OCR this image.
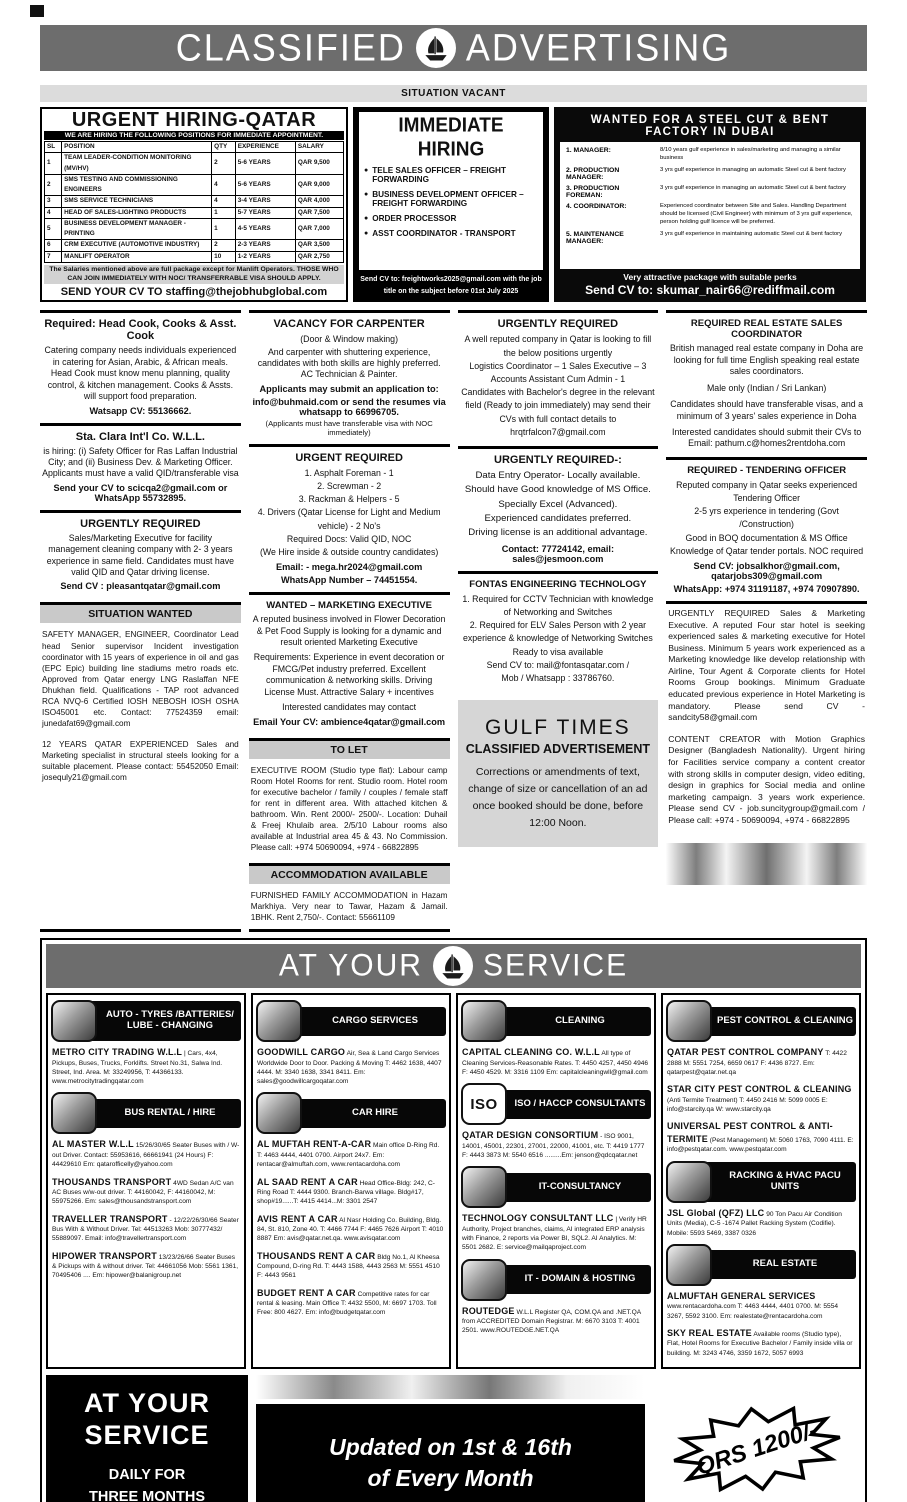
CLASSIFIED ADVERTISING
SITUATION VACANT
URGENT HIRING-QATAR
WE ARE HIRING THE FOLLOWING POSITIONS FOR IMMEDIATE APPOINTMENT.
SL	POSITION	QTY	EXPERIENCE	SALARY
1	TEAM LEADER-CONDITION MONITORING (MV/HV)	2	5-6 YEARS	QAR 9,500
2	SMS TESTING AND COMMISSIONING ENGINEERS	4	5-6 YEARS	QAR 9,000
3	SMS SERVICE TECHNICIANS	4	3-4 YEARS	QAR 4,000
4	HEAD OF SALES-LIGHTING PRODUCTS	1	5-7 YEARS	QAR 7,500
5	BUSINESS DEVELOPMENT MANAGER -PRINTING	1	4-5 YEARS	QAR 7,000
6	CRM EXECUTIVE (AUTOMOTIVE INDUSTRY)	2	2-3 YEARS	QAR 3,500
7	MANLIFT OPERATOR	10	1-2 YEARS	QAR 2,750
The Salaries mentioned above are full package except for Manlift Operators. THOSE WHO CAN JOIN IMMEDIATELY WITH NOC/ TRANSFERRABLE VISA SHOULD APPLY.
SEND YOUR CV TO staffing@thejobhubglobal.com
IMMEDIATE HIRING
● TELE SALES OFFICER – FREIGHT FORWARDING
● BUSINESS DEVELOPMENT OFFICER – FREIGHT FORWARDING
● ORDER PROCESSOR
● ASST COORDINATOR - TRANSPORT
Send CV to: freightworks2025@gmail.com with the job
title on the subject before 01st July 2025
WANTED FOR A STEEL CUT & BENT FACTORY IN DUBAI
1. MANAGER:	8/10 years gulf experience in sales/marketing and managing a similar business
2. PRODUCTION MANAGER:
3 yrs gulf experience in managing an automatic Steel cut & bent factory
3. PRODUCTION FOREMAN:
3 yrs gulf experience in managing an automatic Steel cut & bent factory
4. COORDINATOR:	Experienced coordinator between Site and Sales. Handling Department should be licensed (Civil Engineer) with minimum of 3 yrs gulf experience, person holding gulf licence will be preferred.
5. MAINTENANCE MANAGER:
3 yrs gulf experience in maintaining automatic Steel cut & bent factory
Very attractive package with suitable perks
Send CV to: skumar_nair66@rediffmail.com
Required: Head Cook, Cooks & Asst. Cook
Catering company needs individuals experienced in catering for Asian, Arabic, & African meals. Head Cook must know menu planning, quality control, & kitchen management. Cooks & Assts. will support food preparation.
Watsapp CV: 55136662.
Sta. Clara Int'l Co. W.L.L.
is hiring: (i) Safety Officer for Ras Laffan Industrial City; and (ii) Business Dev. & Marketing Officer. Applicants must have a valid QID/transferable visa
Send your CV to scicqa2@gmail.com or WhatsApp 55732895.
URGENTLY REQUIRED
Sales/Marketing Executive for facility management cleaning company with 2- 3 years experience in same field. Candidates must have valid QID and Qatar driving license.
Send CV : pleasantqatar@gmail.com
SITUATION WANTED
SAFETY MANAGER, ENGINEER, Coordinator Lead head Senior supervisor Incident investigation coordinator with 15 years of experience in oil and gas (EPC Epic) building line stadiums metro roads etc. Approved from Qatar energy LNG Raslaffan NFE Dhukhan field. Qualifications - TAP root advanced RCA NVQ-6 Certified IOSH NEBOSH IOSH OSHA ISO45001 etc. Contact: 77524359 email: junedafat69@gmail.com
12 YEARS QATAR EXPERIENCED Sales and Marketing specialist in structural steels looking for a suitable placement. Please contact: 55452050 Email: josequly21@gmail.com
VACANCY FOR CARPENTER
(Door & Window making)
And carpenter with shuttering experience, candidates with both skills are highly preferred. AC Technician & Painter.
Applicants may submit an application to:
info@buhmaid.com or send the resumes via whatsapp to 66996705.
(Applicants must have transferable visa with NOC immediately)
URGENT REQUIRED
1. Asphalt Foreman - 1
2. Screwman - 2
3. Rackman & Helpers - 5
4. Drivers (Qatar License for Light and Medium vehicle) - 2 No's
Required Docs: Valid QID, NOC
(We Hire inside & outside country candidates)
Email: - mega.hr2024@gmail.com
WhatsApp Number – 74451554.
WANTED – MARKETING EXECUTIVE
A reputed business involved in Flower Decoration & Pet Food Supply is looking for a dynamic and result oriented Marketing Executive
Requirements: Experience in event decoration or FMCG/Pet industry preferred. Excellent communication & networking skills. Driving License Must. Attractive Salary + incentives
Interested candidates may contact
Email Your CV: ambience4qatar@gmail.com
TO LET
EXECUTIVE ROOM (Studio type flat): Labour camp Room Hotel Rooms for rent. Studio room. Hotel room for executive bachelor / family / couples / female staff for rent in different area. With attached kitchen & bathroom. Win. Rent 2000/- 2500/-. Location: Duhail & Freej Khulaib area. 2/5/10 Labour rooms also available at Industrial area 45 & 43. No Commission. Please call: +974 50690094, +974 - 66822895
ACCOMMODATION AVAILABLE
FURNISHED FAMILY ACCOMMODATION in Hazam Markhiya. Very near to Tawar, Hazam & Jamail. 1BHK. Rent 2,750/-. Contact: 55661109
URGENTLY REQUIRED
A well reputed company in Qatar is looking to fill the below positions urgently
Logistics Coordinator – 1 Sales Executive – 3
Accounts Assistant Cum Admin - 1
Candidates with Bachelor's degree in the relevant field (Ready to join immediately) may send their CVs with full contact details to hrqtrfalcon7@gmail.com
URGENTLY REQUIRED-:
Data Entry Operator- Locally available.
Should have Good knowledge of MS Office.
Specially Excel (Advanced).
Experienced candidates preferred.
Driving license is an additional advantage.
Contact: 77724142, email: sales@jesmoon.com
FONTAS ENGINEERING TECHNOLOGY
1. Required for CCTV Technician with knowledge of Networking and Switches
2. Required for ELV Sales Person with 2 year experience & knowledge of Networking Switches
Ready to visa available
Send CV to: mail@fontasqatar.com /
Mob / Whatsapp : 33786760.
GULF TIMES
CLASSIFIED ADVERTISEMENT
Corrections or amendments of text, change of size or cancellation of an ad once booked should be done, before 12:00 Noon.
REQUIRED REAL ESTATE SALES COORDINATOR
British managed real estate company in Doha are looking for full time English speaking real estate sales coordinators.
Male only (Indian / Sri Lankan)
Candidates should have transferable visas, and a minimum of 3 years' sales experience in Doha
Interested candidates should submit their CVs to Email: pathum.c@homes2rentdoha.com
REQUIRED - TENDERING OFFICER
Reputed company in Qatar seeks experienced
Tendering Officer
2-5 yrs experience in tendering (Govt /Construction)
Good in BOQ documentation & MS Office
Knowledge of Qatar tender portals. NOC required
Send CV: jobsalkhor@gmail.com, qatarjobs309@gmail.com
WhatsApp: +974 31191187, +974 70907890.
URGENTLY REQUIRED Sales & Marketing Executive. A reputed Four star hotel is seeking experienced sales & marketing executive for Hotel Business. Minimum 5 years work experienced as a Marketing knowledge like develop relationship with Airline, Tour Agent & Corporate clients for Hotel Rooms Group bookings. Minimum Graduate educated previous experience in Hotel Marketing is mandatory. Please send CV - sandcity58@gmail.com
CONTENT CREATOR with Motion Graphics Designer (Bangladesh Nationality). Urgent hiring for Facilities service company a content creator with strong skills in computer design, video editing, design in graphics for Social media and online marketing campaign. 3 years work experience. Please send CV - job.suncitygroup@gmail.com / Please call: +974 - 50690094, +974 - 66822895
AT YOUR SERVICE
AUTO - TYRES /BATTERIES/ LUBE - CHANGING
METRO CITY TRADING W.L.L | Cars, 4x4, Pickups, Buses, Trucks, Forklifts. Street No.31, Salwa Ind. Street, Ind. Area. M: 33249956, T: 44366133. www.metrocitytradingqatar.com
BUS RENTAL / HIRE
AL MASTER W.L.L 15/26/30/65 Seater Buses with / W-out Driver. Contact: 55953616, 66661941 (24 Hours) F: 44429610 Em: qatarofficelly@yahoo.com
THOUSANDS TRANSPORT 4WD Sedan A/C van AC Buses w/w-out driver. T: 44160042, F: 44160042, M: 55975266. Em: sales@thousandstransport.com
TRAVELLER TRANSPORT - 12/22/26/30/66 Seater Bus With & Without Driver. Tel: 44513263 Mob: 30777432/ 55889097. Email: info@travellertransport.com
HIPOWER TRANSPORT 13/23/26/66 Seater Buses & Pickups with & without driver. Tel: 44661056 Mob: 5561 1361, 70495406 .... Em: hipower@balanigroup.net
CARGO SERVICES
GOODWILL CARGO Air, Sea & Land Cargo Services Worldwide Door to Door. Packing & Moving T: 4462 1638, 4407 4444. M: 3340 1638, 3341 8411. Em: sales@goodwillcargoqatar.com
CAR HIRE
AL MUFTAH RENT-A-CAR Main office D-Ring Rd. T: 4463 4444, 4401 0700. Airport 24x7. Em: rentacar@almuftah.com, www.rentacardoha.com
AL SAAD RENT A CAR Head Office-Bldg: 242, C-Ring Road T: 4444 9300. Branch-Barwa village. Bldg#17, shop#19......T: 4415 4414...M: 3301 2547
AVIS RENT A CAR Al Nasr Holding Co. Building, Bldg. 84, St. 810, Zone 40. T: 4466 7744 F: 4465 7626 Airport T: 4010 8887 Em: avis@qatar.net.qa. www.avisqatar.com
THOUSANDS RENT A CAR Bldg No.1, Al Kheesa Compound, D-ring Rd. T: 4443 1588, 4443 2563 M: 5551 4510 F: 4443 9561
BUDGET RENT A CAR Competitive rates for car rental & leasing. Main Office T: 4432 5500, M: 6697 1703. Toll Free: 800 4627. Em: info@budgetqatar.com
CLEANING
CAPITAL CLEANING CO. W.L.L All type of Cleaning Services-Reasonable Rates. T: 4450 4257, 4450 4946 F: 4450 4529. M: 3316 1109 Em: capitalcleaningwll@gmail.com
ISO	ISO / HACCP CONSULTANTS
QATAR DESIGN CONSORTIUM - ISO 9001, 14001, 45001, 22301, 27001, 22000, 41001, etc. T: 4419 1777 F: 4443 3873 M: 5540 6516 .........Em: jenson@qdcqatar.net
IT-CONSULTANCY
TECHNOLOGY CONSULTANT LLC | Verify HR Authority, Project branches, claims, AI integrated ERP analysis with Finance, 2 reports via Power BI, SQL2. AI Analytics. M: 5501 2682. E: service@mailqaproject.com
IT - DOMAIN & HOSTING
ROUTEDGE W.L.L Register QA, COM.QA and .NET.QA from ACCREDITED Domain Registrar. M: 6670 3103 T: 4001 2501. www.ROUTEDGE.NET.QA
PEST CONTROL & CLEANING
QATAR PEST CONTROL COMPANY T: 4422 2888 M: 5551 7254, 6659 0617 F: 4436 8727. Em: qatarpest@qatar.net.qa
STAR CITY PEST CONTROL & CLEANING (Anti Termite Treatment) T: 4450 2416 M: 5099 0005 E: info@starcity.qa W: www.starcity.qa
UNIVERSAL PEST CONTROL & ANTI-TERMITE (Pest Management) M: 5060 1763, 7090 4111. E: info@pestqatar.com. www.pestqatar.com
RACKING & HVAC PACU UNITS
JSL Global (QFZ) LLC 90 Ton Pacu Air Condition Units (Media), C-5 -1674 Pallet Racking System (Codifie). Mobile: 5593 5469, 3387 0326
REAL ESTATE
ALMUFTAH GENERAL SERVICES www.rentacardoha.com T: 4463 4444, 4401 0700. M: 5554 3267, 5592 3100. Em: realestate@rentacardoha.com
SKY REAL ESTATE Available rooms (Studio type), Flat, Hotel Rooms for Executive Bachelor / Family inside villa or building. M: 3243 4746, 3359 1672, 5057 6993
AT YOUR
SERVICE
DAILY FOR
THREE MONTHS
Updated on 1st & 16th
of Every Month	QRS 1200/-
